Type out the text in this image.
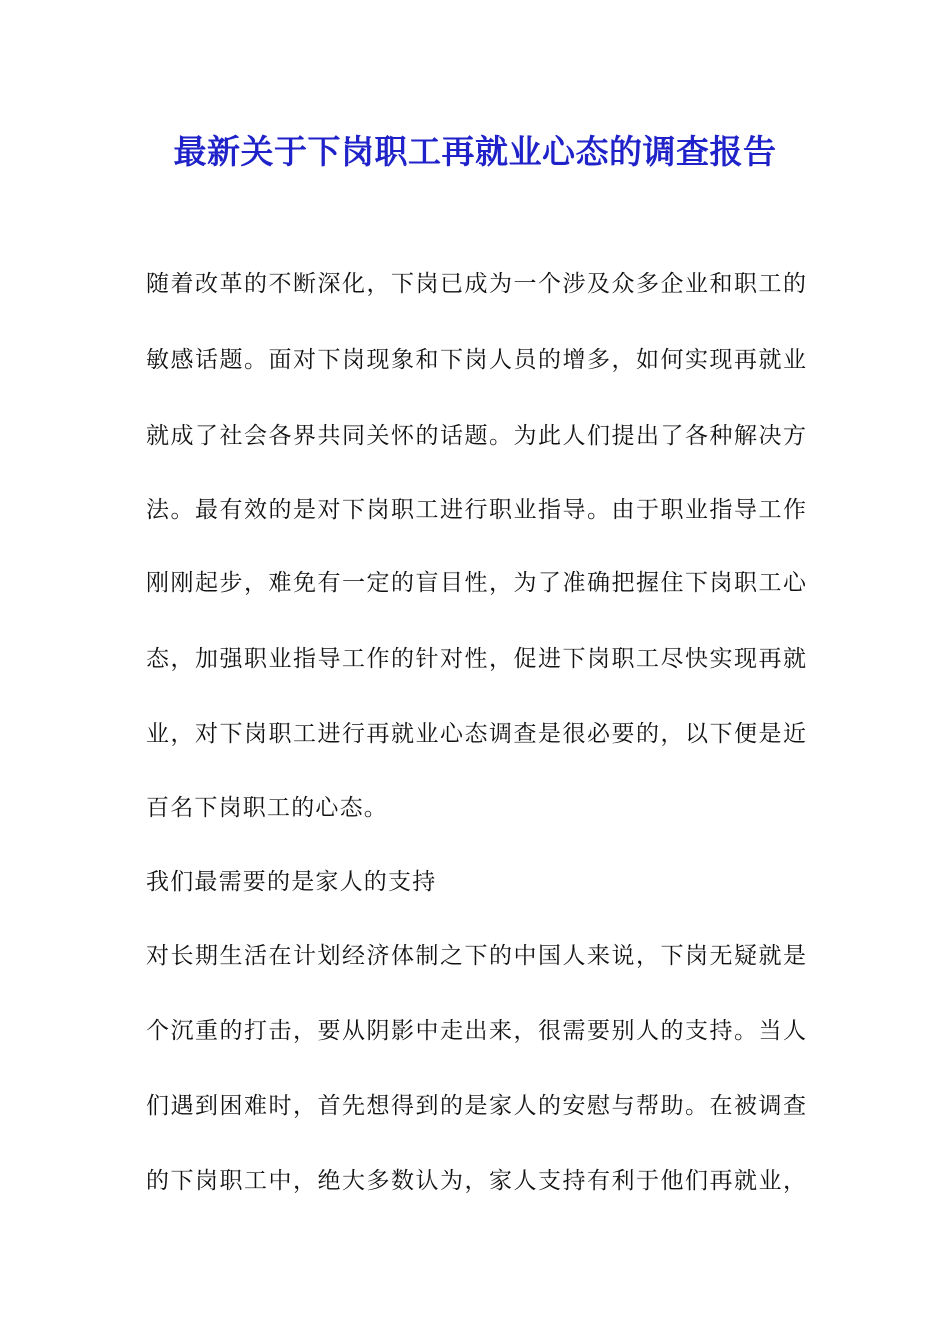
最新关于下岗职工再就业心态的调查报告
随着改革的不断深化，下岗已成为一个涉及众多企业和职工的
敏感话题。面对下岗现象和下岗人员的增多，如何实现再就业
就成了社会各界共同关怀的话题。为此人们提出了各种解决方
法。最有效的是对下岗职工进行职业指导。由于职业指导工作
刚刚起步，难免有一定的盲目性，为了准确把握住下岗职工心
态，加强职业指导工作的针对性，促进下岗职工尽快实现再就
业，对下岗职工进行再就业心态调查是很必要的，以下便是近
百名下岗职工的心态。
我们最需要的是家人的支持
对长期生活在计划经济体制之下的中国人来说，下岗无疑就是
个沉重的打击，要从阴影中走出来，很需要别人的支持。当人
们遇到困难时，首先想得到的是家人的安慰与帮助。在被调查
的下岗职工中，绝大多数认为，家人支持有利于他们再就业，
